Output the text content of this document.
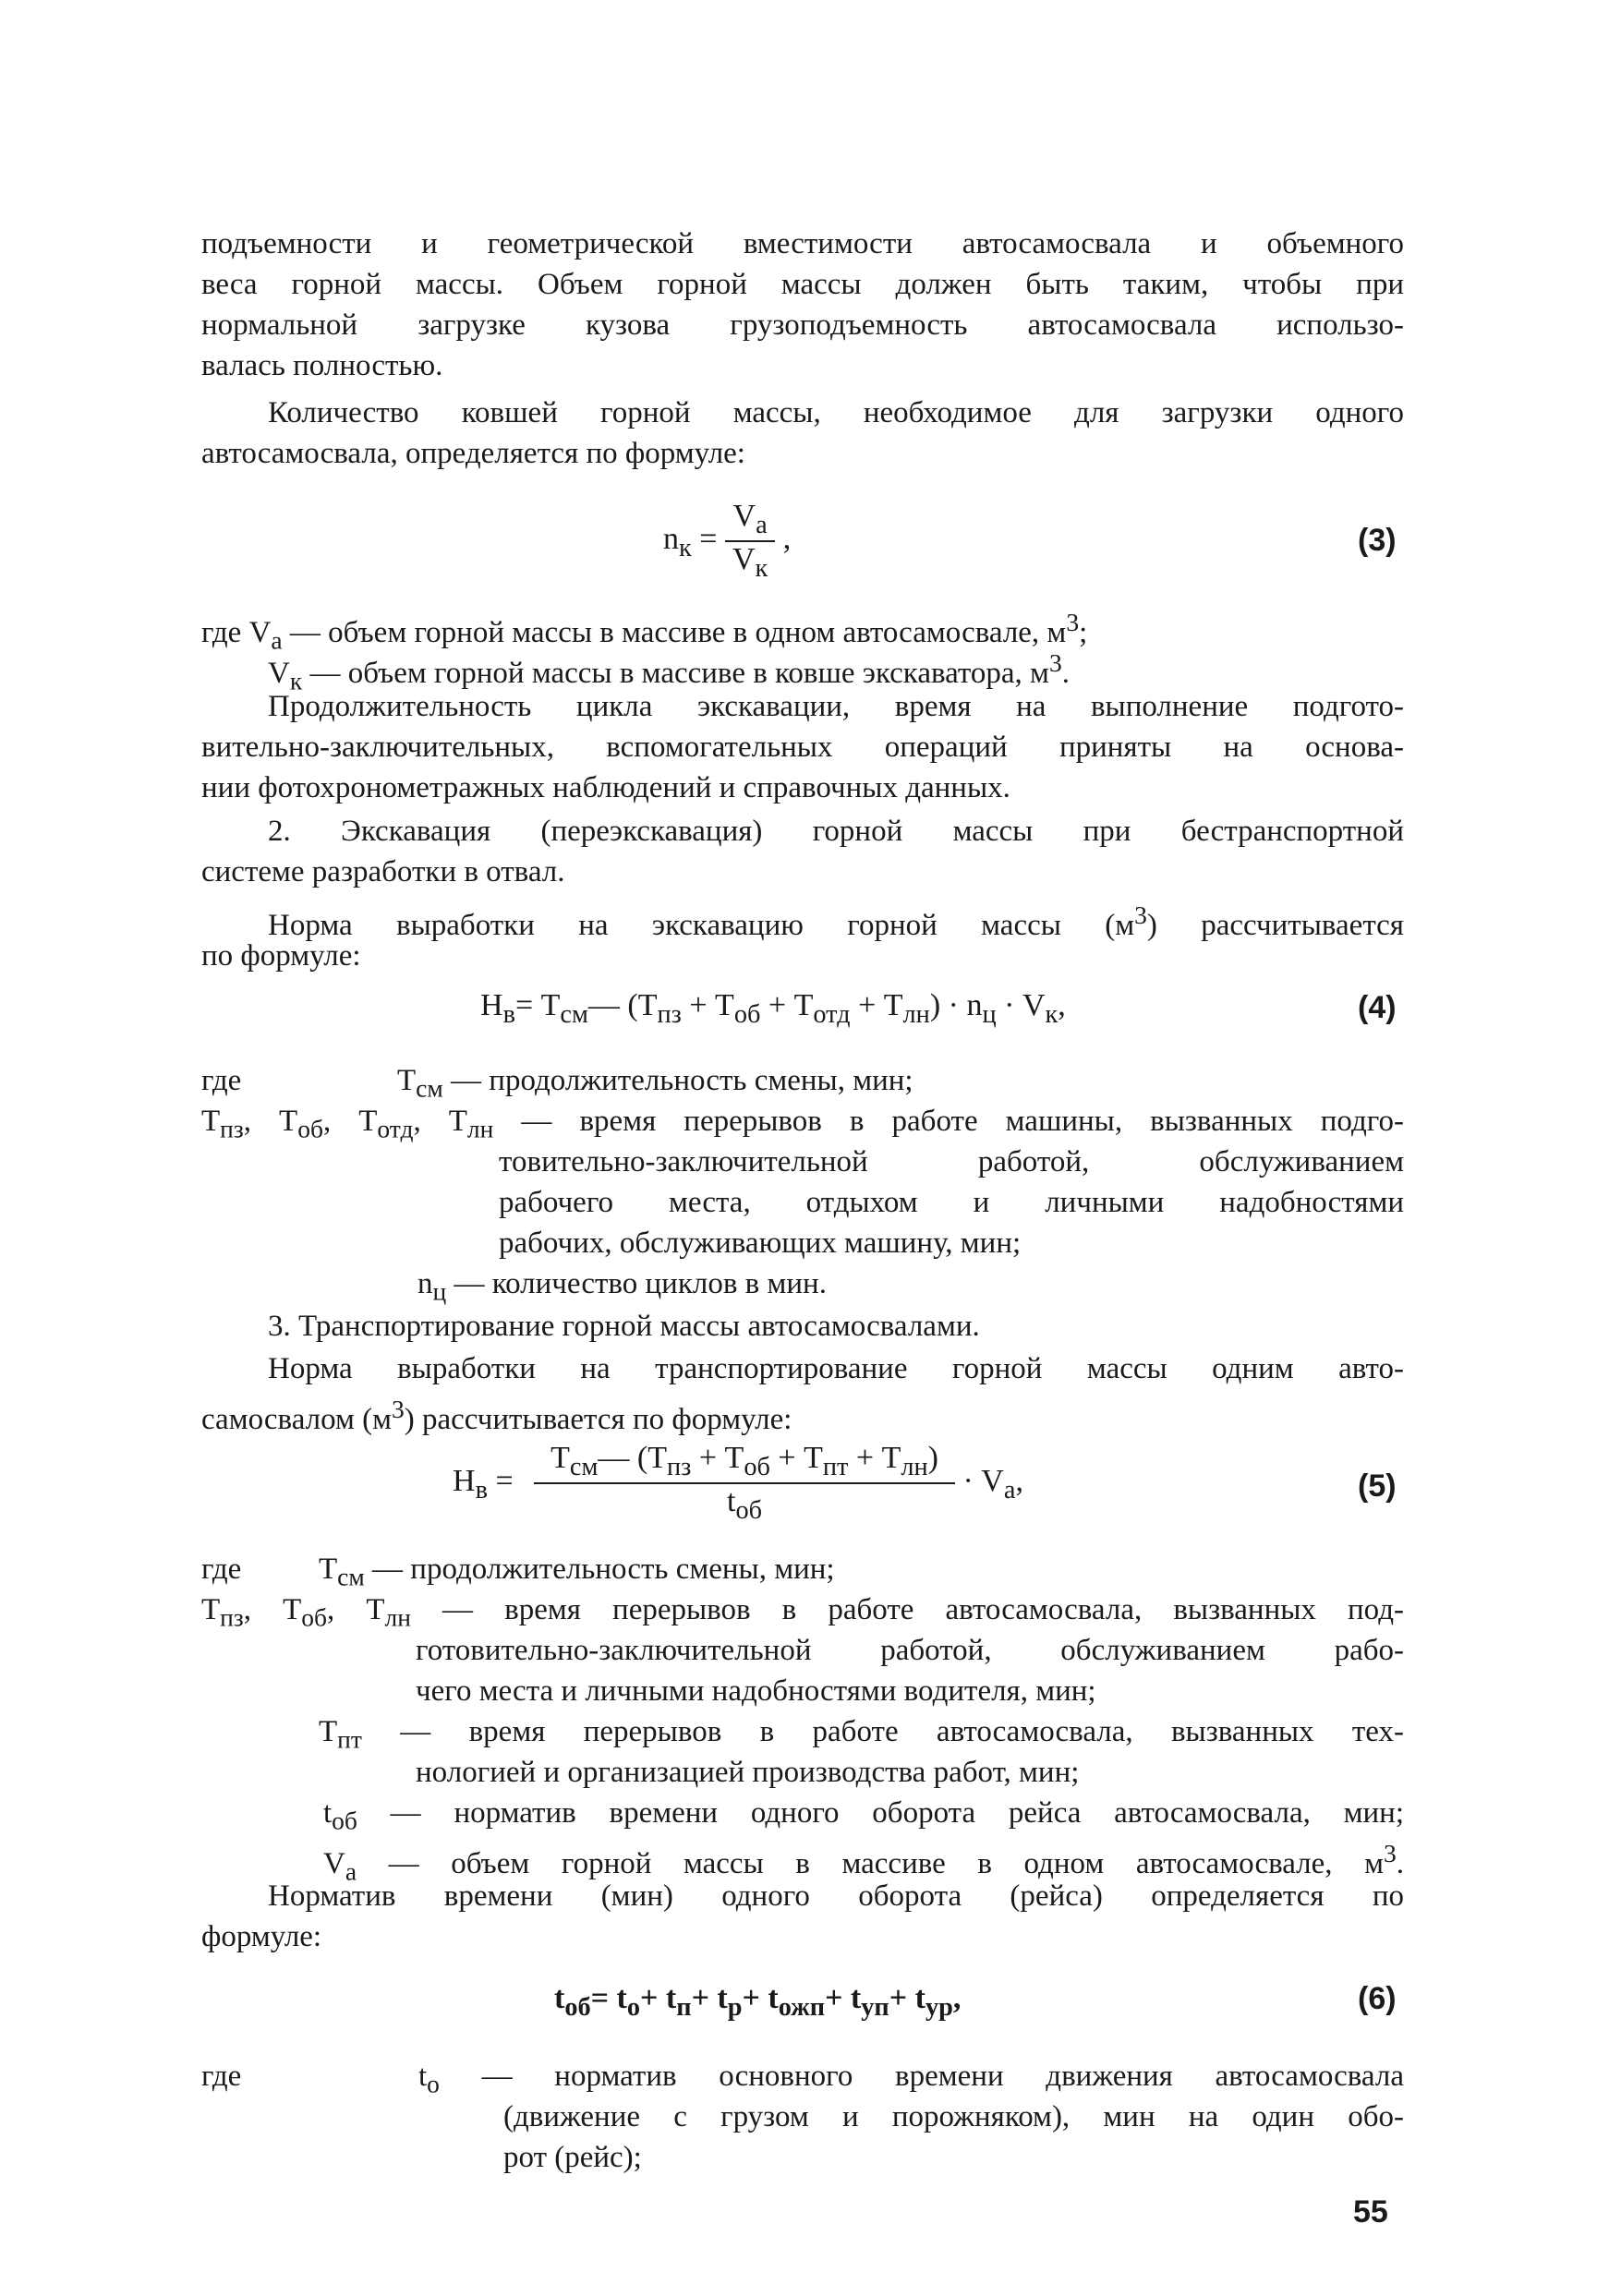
подъемности и геометрической вместимости автосамосвала и объемного
веса горной массы. Объем горной массы должен быть таким, чтобы при
нормальной загрузке кузова грузоподъемность автосамосвала использо-
валась полностью.
Количество ковшей горной массы, необходимое для загрузки одного
автосамосвала, определяется по формуле:
$n_к = \frac{V_а}{V_к}$ ,	(3)
где $V_a$ — объем горной массы в массиве в одном автосамосвале, $м^3$;
$V_к$ — объем горной массы в массиве в ковше экскаватора, $м^3$.
Продолжительность цикла экскавации, время на выполнение подгото-
вительно-заключительных, вспомогательных операций приняты на основа-
нии фотохронометражных наблюдений и справочных данных.
2. Экскавация (переэкскавация) горной массы при бестранспортной
системе разработки в отвал.
Норма выработки на экскавацию горной массы $(м^3)$ рассчитывается
по формуле:
$H_в=$ $T_{см}—$ $(T_{пз} + T_{об} + T_{отд} + T_{лн}) \cdot n_ц \cdot V_к$,	(4)
где	$T_{см}$ — продолжительность смены, мин;
$T_{пз}$, $T_{об}$, $T_{отд}$, $T_{лн}$ — время перерывов в работе машины, вызванных подго-
товительно-заключительной работой, обслуживанием
рабочего места, отдыхом и личными надобностями
рабочих, обслуживающих машину, мин;
$n_ц$ — количество циклов в мин.
3. Транспортирование горной массы автосамосвалами.
Норма выработки на транспортирование горной массы одним авто-
самосвалом $(м^3)$ рассчитывается по формуле:
$H_в = \frac{T_{см}— (T_{пз} + T_{об} + T_{пт} + T_{лн})}{t_{об}} \cdot V_а$,	(5)
где	$T_{см}$ — продолжительность смены, мин;
$T_{пз}$, $T_{об}$, $T_{лн}$ — время перерывов в работе автосамосвала, вызванных под-
готовительно-заключительной работой, обслуживанием рабо-
чего места и личными надобностями водителя, мин;
$T_{пт}$ — время перерывов в работе автосамосвала, вызванных тех-
нологией и организацией производства работ, мин;
$t_{об}$ — норматив времени одного оборота рейса автосамосвала, мин;
$V_а$ — объем горной массы в массиве в одном автосамосвале, $м^3$.
Норматив времени (мин) одного оборота (рейса) определяется по
формуле:
$t_{об}= t_о+ t_п+ t_р+ t_{ожп}+ t_{уп}+ t_{ур}$,	(6)
где	$t_о$ — норматив основного времени движения автосамосвала
(движение с грузом и порожняком), мин на один обо-
рот (рейс);
55
